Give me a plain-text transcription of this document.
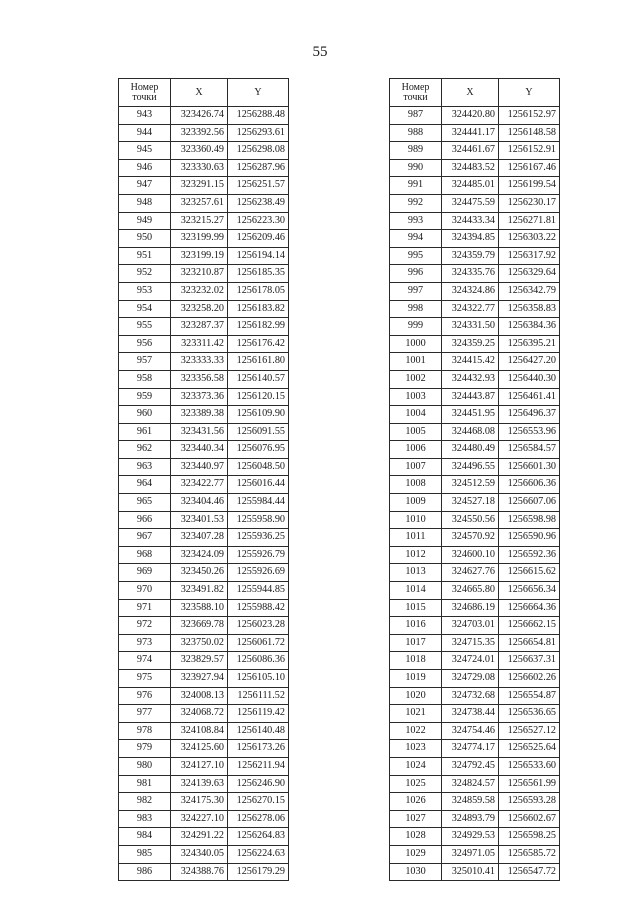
55
Номер
точки	X	Y
943	323426.74	1256288.48
944	323392.56	1256293.61
945	323360.49	1256298.08
946	323330.63	1256287.96
947	323291.15	1256251.57
948	323257.61	1256238.49
949	323215.27	1256223.30
950	323199.99	1256209.46
951	323199.19	1256194.14
952	323210.87	1256185.35
953	323232.02	1256178.05
954	323258.20	1256183.82
955	323287.37	1256182.99
956	323311.42	1256176.42
957	323333.33	1256161.80
958	323356.58	1256140.57
959	323373.36	1256120.15
960	323389.38	1256109.90
961	323431.56	1256091.55
962	323440.34	1256076.95
963	323440.97	1256048.50
964	323422.77	1256016.44
965	323404.46	1255984.44
966	323401.53	1255958.90
967	323407.28	1255936.25
968	323424.09	1255926.79
969	323450.26	1255926.69
970	323491.82	1255944.85
971	323588.10	1255988.42
972	323669.78	1256023.28
973	323750.02	1256061.72
974	323829.57	1256086.36
975	323927.94	1256105.10
976	324008.13	1256111.52
977	324068.72	1256119.42
978	324108.84	1256140.48
979	324125.60	1256173.26
980	324127.10	1256211.94
981	324139.63	1256246.90
982	324175.30	1256270.15
983	324227.10	1256278.06
984	324291.22	1256264.83
985	324340.05	1256224.63
986	324388.76	1256179.29
Номер
точки	X	Y
987	324420.80	1256152.97
988	324441.17	1256148.58
989	324461.67	1256152.91
990	324483.52	1256167.46
991	324485.01	1256199.54
992	324475.59	1256230.17
993	324433.34	1256271.81
994	324394.85	1256303.22
995	324359.79	1256317.92
996	324335.76	1256329.64
997	324324.86	1256342.79
998	324322.77	1256358.83
999	324331.50	1256384.36
1000	324359.25	1256395.21
1001	324415.42	1256427.20
1002	324432.93	1256440.30
1003	324443.87	1256461.41
1004	324451.95	1256496.37
1005	324468.08	1256553.96
1006	324480.49	1256584.57
1007	324496.55	1256601.30
1008	324512.59	1256606.36
1009	324527.18	1256607.06
1010	324550.56	1256598.98
1011	324570.92	1256590.96
1012	324600.10	1256592.36
1013	324627.76	1256615.62
1014	324665.80	1256656.34
1015	324686.19	1256664.36
1016	324703.01	1256662.15
1017	324715.35	1256654.81
1018	324724.01	1256637.31
1019	324729.08	1256602.26
1020	324732.68	1256554.87
1021	324738.44	1256536.65
1022	324754.46	1256527.12
1023	324774.17	1256525.64
1024	324792.45	1256533.60
1025	324824.57	1256561.99
1026	324859.58	1256593.28
1027	324893.79	1256602.67
1028	324929.53	1256598.25
1029	324971.05	1256585.72
1030	325010.41	1256547.72
